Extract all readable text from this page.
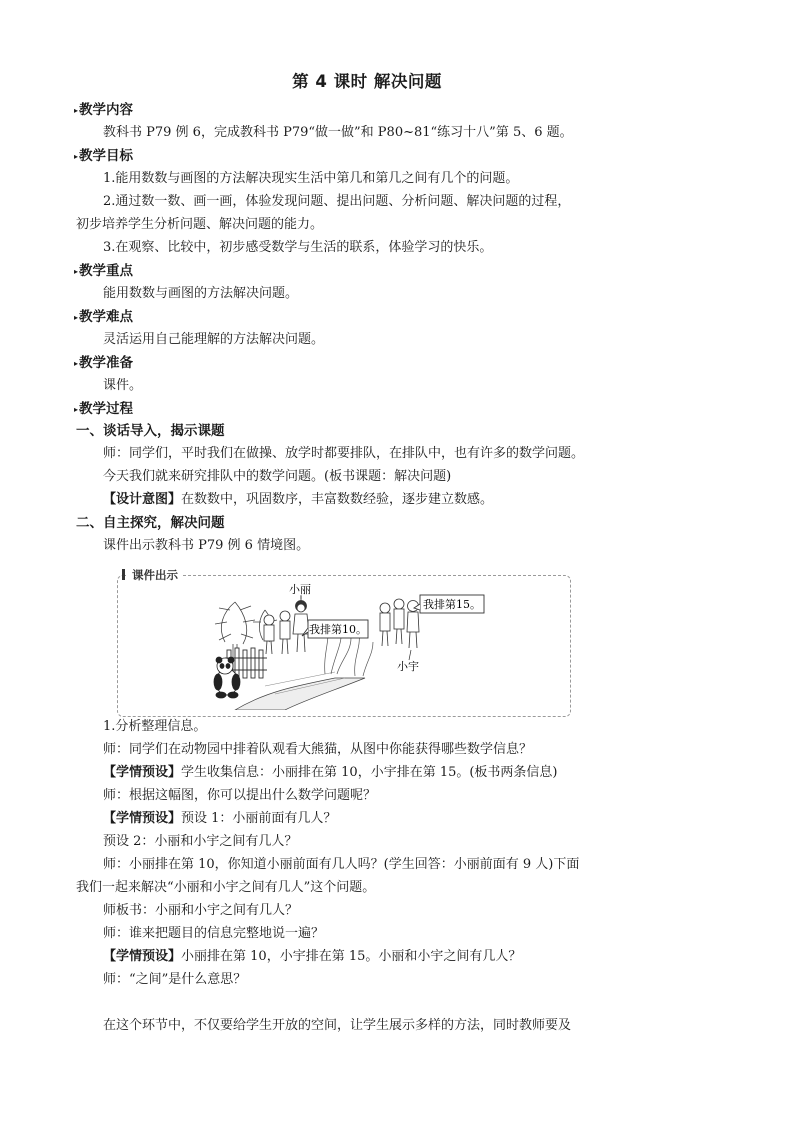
第 4 课时 解决问题
▸教学内容
教科书 P79 例 6，完成教科书 P79“做一做”和 P80~81“练习十八”第 5、6 题。
▸教学目标
1.能用数数与画图的方法解决现实生活中第几和第几之间有几个的问题。
2.通过数一数、画一画，体验发现问题、提出问题、分析问题、解决问题的过程，
初步培养学生分析问题、解决问题的能力。
3.在观察、比较中，初步感受数学与生活的联系，体验学习的快乐。
▸教学重点
能用数数与画图的方法解决问题。
▸教学难点
灵活运用自己能理解的方法解决问题。
▸教学准备
课件。
▸教学过程
一、谈话导入，揭示课题
师：同学们，平时我们在做操、放学时都要排队，在排队中，也有许多的数学问题。
今天我们就来研究排队中的数学问题。(板书课题：解决问题)
【设计意图】在数数中，巩固数序，丰富数数经验，逐步建立数感。
二、自主探究，解决问题
课件出示教科书 P79 例 6 情境图。
课件出示
我排第10。
我排第15。
小丽
小宇
1.分析整理信息。
师：同学们在动物园中排着队观看大熊猫，从图中你能获得哪些数学信息？
【学情预设】学生收集信息：小丽排在第 10，小宇排在第 15。(板书两条信息)
师：根据这幅图，你可以提出什么数学问题呢？
【学情预设】预设 1：小丽前面有几人？
预设 2：小丽和小宇之间有几人？
师：小丽排在第 10，你知道小丽前面有几人吗？(学生回答：小丽前面有 9 人)下面
我们一起来解决“小丽和小宇之间有几人”这个问题。
师板书：小丽和小宇之间有几人？
师：谁来把题目的信息完整地说一遍？
【学情预设】小丽排在第 10，小宇排在第 15。小丽和小宇之间有几人？
师：“之间”是什么意思？
在这个环节中，不仅要给学生开放的空间，让学生展示多样的方法，同时教师要及
